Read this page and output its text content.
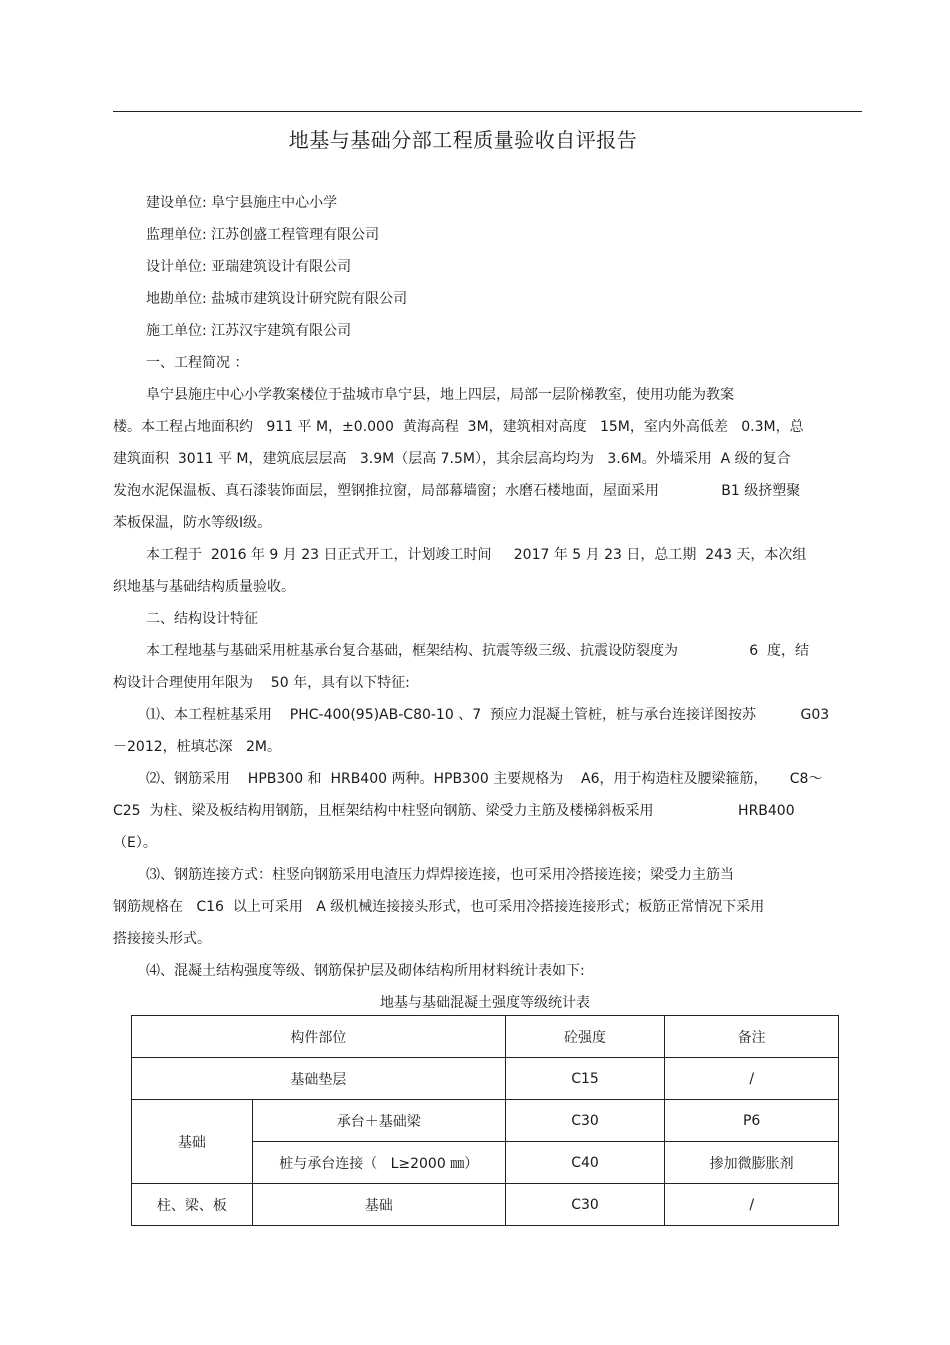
地基与基础分部工程质量验收自评报告
建设单位: 阜宁县施庄中心小学
监理单位: 江苏创盛工程管理有限公司
设计单位: 亚瑞建筑设计有限公司
地勘单位: 盐城市建筑设计研究院有限公司
施工单位: 江苏汉宇建筑有限公司
一、工程简况 ：
阜宁县施庄中心小学教案楼位于盐城市阜宁县，地上四层，局部一层阶梯教室，使用功能为教案
楼。本工程占地面积约   911 平 M，±0.000  黄海高程  3M，建筑相对高度   15M，室内外高低差   0.3M，总
建筑面积  3011 平 M，建筑底层层高   3.9M（层高 7.5M），其余层高均均为   3.6M。外墙采用  A 级的复合
发泡水泥保温板、真石漆装饰面层，塑钢推拉窗，局部幕墙窗；水磨石楼地面，屋面采用              B1 级挤塑聚
苯板保温，防水等级Ⅰ级。
本工程于  2016 年 9 月 23 日正式开工，计划竣工时间     2017 年 5 月 23 日，总工期  243 天，本次组
织地基与基础结构质量验收。
二、结构设计特征
本工程地基与基础采用桩基承台复合基础，框架结构、抗震等级三级、抗震设防裂度为                6  度，结
构设计合理使用年限为    50 年，具有以下特征:
⑴、本工程桩基采用    PHC-400(95)AB-C80-10 、7  预应力混凝土管桩，桩与承台连接详图按苏          G03
－2012，桩填芯深   2M。
⑵、钢筋采用    HPB300 和  HRB400 两种。HPB300 主要规格为    A6，用于构造柱及腰梁箍筋，     C8～
C25  为柱、梁及板结构用钢筋，且框架结构中柱竖向钢筋、梁受力主筋及楼梯斜板采用                   HRB400
（E）。
⑶、钢筋连接方式：柱竖向钢筋采用电渣压力焊焊接连接，也可采用冷搭接连接；梁受力主筋当
钢筋规格在   C16  以上可采用   A 级机械连接接头形式，也可采用冷搭接连接形式；板筋正常情况下采用
搭接接头形式。
⑷、混凝土结构强度等级、钢筋保护层及砌体结构所用材料统计表如下:
地基与基础混凝土强度等级统计表
构件部位		砼强度	备注
基础垫层		C15	/
基础	承台＋基础梁	C30	P6
	桩与承台连接（   L≥2000 ㎜）	C40	掺加微膨胀剂
柱、梁、板	基础	C30	/
